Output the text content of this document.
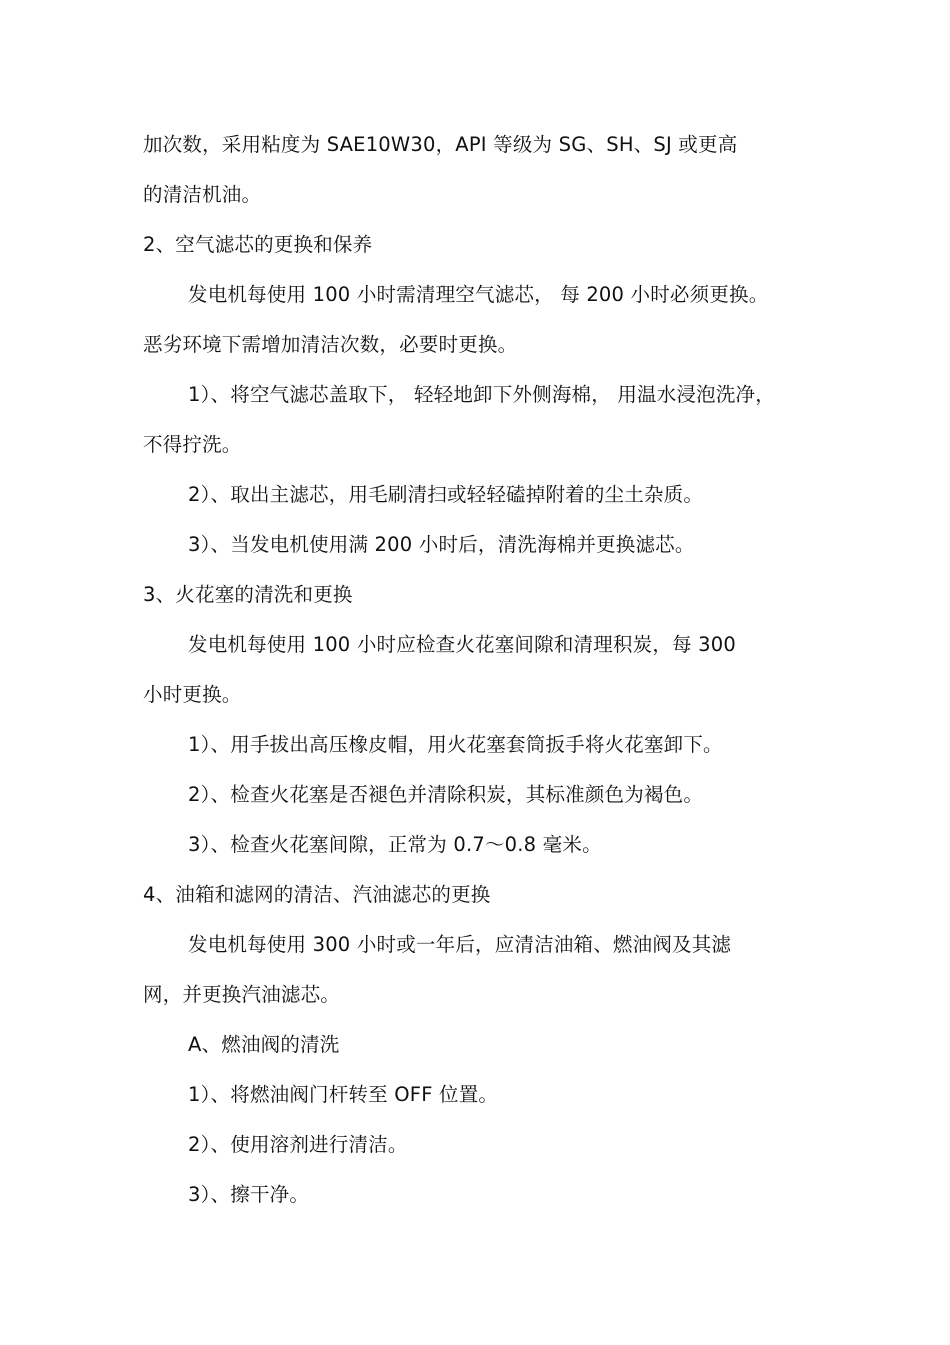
加次数，采用粘度为 SAE10W30，API 等级为 SG、SH、SJ 或更高
的清洁机油。
2、空气滤芯的更换和保养
发电机每使用 100 小时需清理空气滤芯， 每 200 小时必须更换。
恶劣环境下需增加清洁次数，必要时更换。
1）、将空气滤芯盖取下， 轻轻地卸下外侧海棉， 用温水浸泡洗净，
不得拧洗。
2）、取出主滤芯，用毛刷清扫或轻轻磕掉附着的尘土杂质。
3）、当发电机使用满 200 小时后，清洗海棉并更换滤芯。
3、火花塞的清洗和更换
发电机每使用 100 小时应检查火花塞间隙和清理积炭，每 300
小时更换。
1）、用手拔出高压橡皮帽，用火花塞套筒扳手将火花塞卸下。
2）、检查火花塞是否褪色并清除积炭，其标准颜色为褐色。
3）、检查火花塞间隙，正常为 0.7～0.8 毫米。
4、油箱和滤网的清洁、汽油滤芯的更换
发电机每使用 300 小时或一年后，应清洁油箱、燃油阀及其滤
网，并更换汽油滤芯。
A、燃油阀的清洗
1）、将燃油阀门杆转至 OFF 位置。
2）、使用溶剂进行清洁。
3）、擦干净。
